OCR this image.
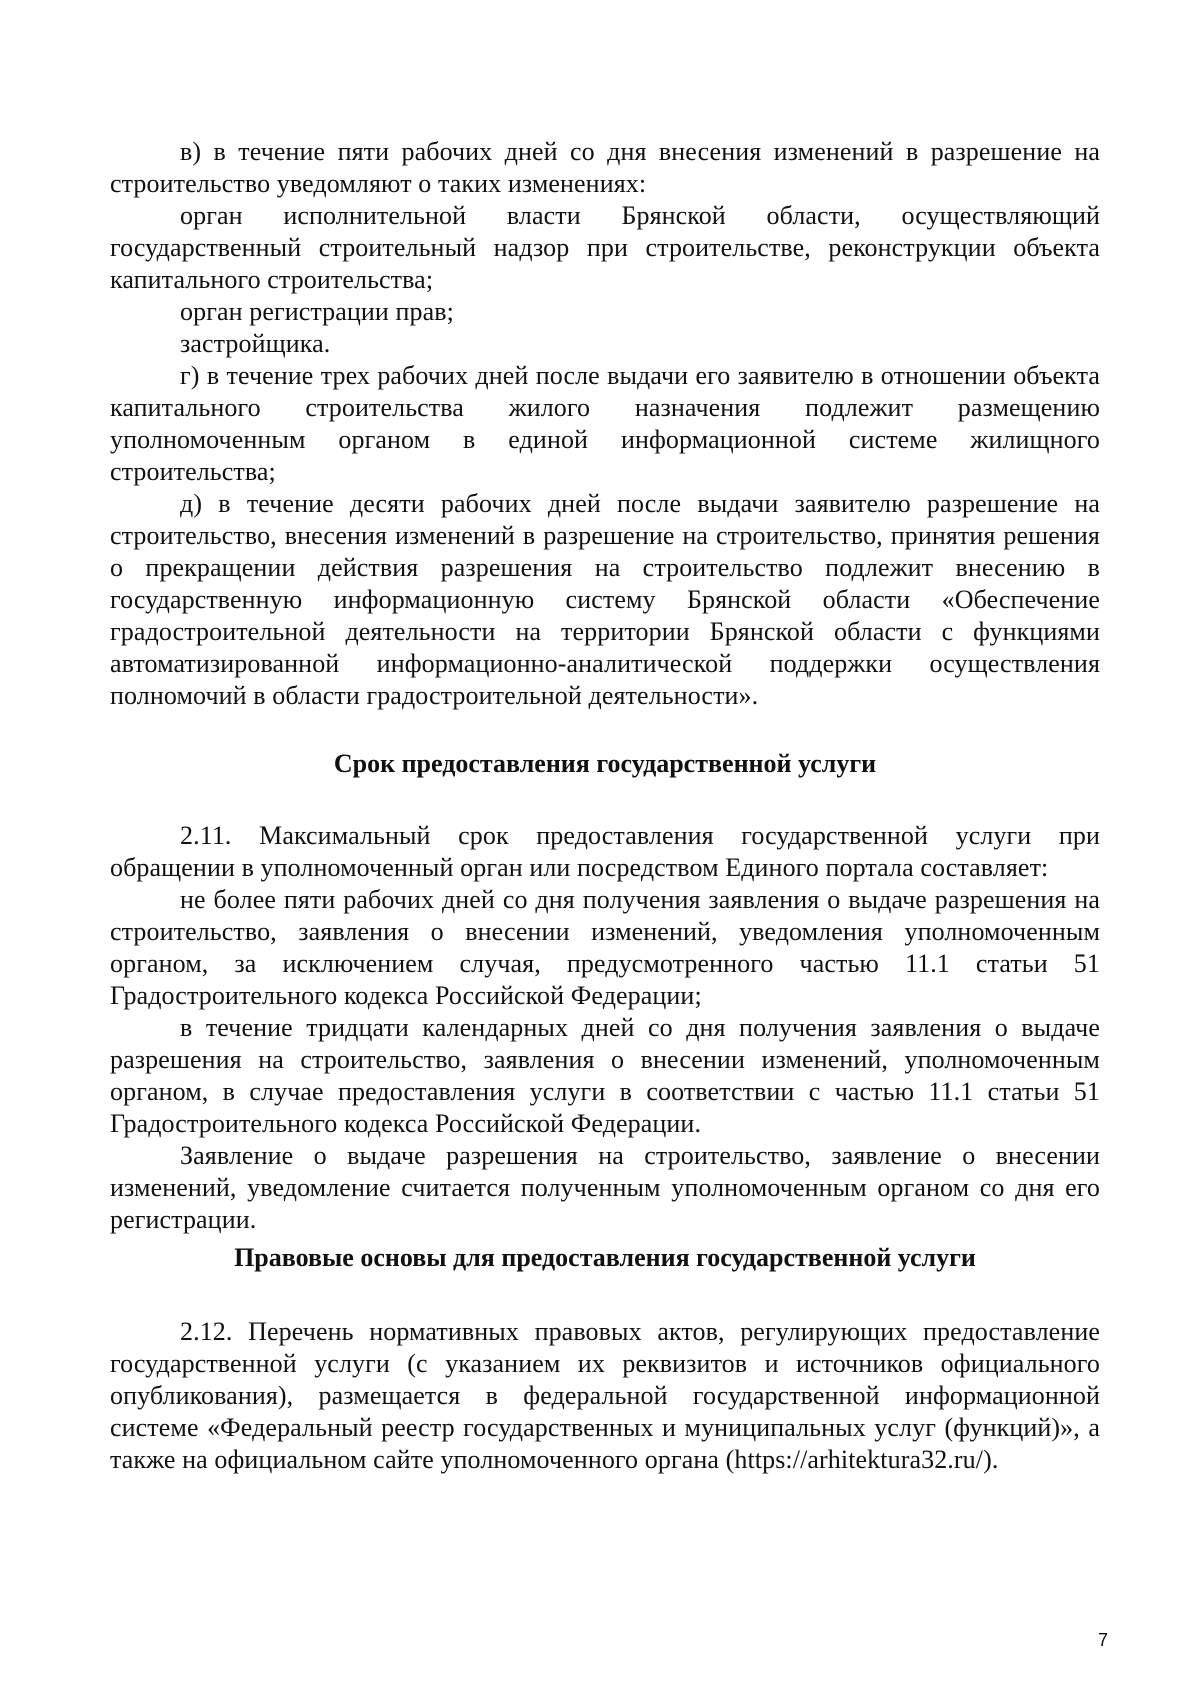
в) в течение пяти рабочих дней со дня внесения изменений в разрешение на строительство уведомляют о таких изменениях:

орган исполнительной власти Брянской области, осуществляющий государственный строительный надзор при строительстве, реконструкции объекта капитального строительства;

орган регистрации прав;

застройщика.

г) в течение трех рабочих дней после выдачи его заявителю в отношении объекта капитального строительства жилого назначения подлежит размещению уполномоченным органом в единой информационной системе жилищного строительства;

д) в течение десяти рабочих дней после выдачи заявителю разрешение на строительство, внесения изменений в разрешение на строительство, принятия решения о прекращении действия разрешения на строительство подлежит внесению в государственную информационную систему Брянской области «Обеспечение градостроительной деятельности на территории Брянской области с функциями автоматизированной информационно-аналитической поддержки осуществления полномочий в области градостроительной деятельности».

Срок предоставления государственной услуги

2.11. Максимальный срок предоставления государственной услуги при обращении в уполномоченный орган или посредством Единого портала составляет:

не более пяти рабочих дней со дня получения заявления о выдаче разрешения на строительство, заявления о внесении изменений, уведомления уполномоченным органом, за исключением случая, предусмотренного частью 11.1 статьи 51 Градостроительного кодекса Российской Федерации;

в течение тридцати календарных дней со дня получения заявления о выдаче разрешения на строительство, заявления о внесении изменений, уполномоченным органом, в случае предоставления услуги в соответствии с частью 11.1 статьи 51 Градостроительного кодекса Российской Федерации.

Заявление о выдаче разрешения на строительство, заявление о внесении изменений, уведомление считается полученным уполномоченным органом со дня его регистрации.

Правовые основы для предоставления государственной услуги

2.12. Перечень нормативных правовых актов, регулирующих предоставление государственной услуги (с указанием их реквизитов и источников официального опубликования), размещается в федеральной государственной информационной системе «Федеральный реестр государственных и муниципальных услуг (функций)», а также на официальном сайте уполномоченного органа (https://arhitektura32.ru/).

7
